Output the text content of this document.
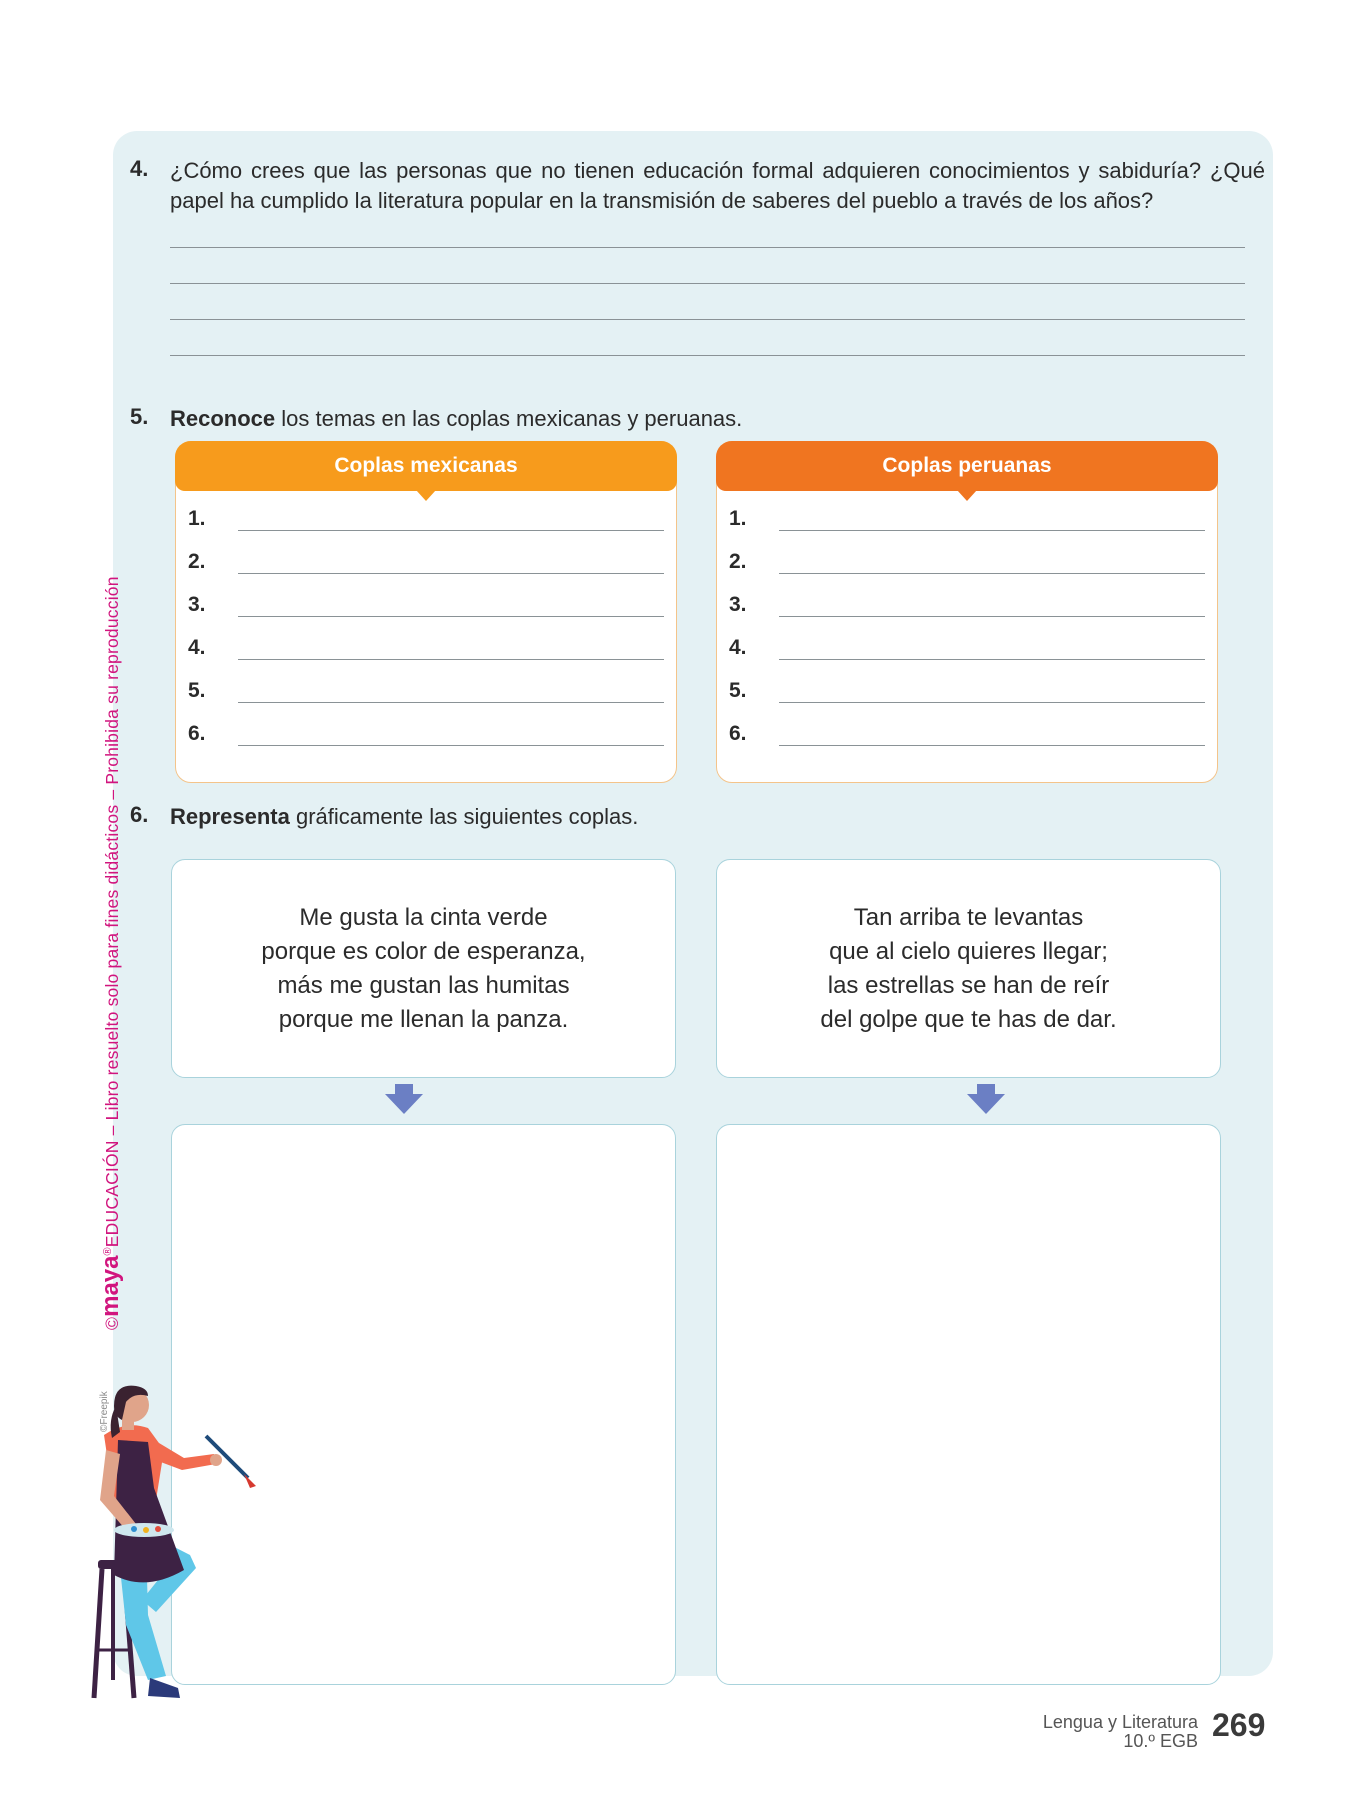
4. ¿Cómo crees que las personas que no tienen educación formal adquieren conocimientos y sabiduría? ¿Qué papel ha cumplido la literatura popular en la transmisión de saberes del pueblo a través de los años?
5. Reconoce los temas en las coplas mexicanas y peruanas.
Coplas mexicanas
1.
2.
3.
4.
5.
6.
Coplas peruanas
1.
2.
3.
4.
5.
6.
6. Representa gráficamente las siguientes coplas.
Me gusta la cinta verde
porque es color de esperanza,
más me gustan las humitas
porque me llenan la panza.
Tan arriba te levantas
que al cielo quieres llegar;
las estrellas se han de reír
del golpe que te has de dar.
©maya®EDUCACIÓN – Libro resuelto solo para fines didácticos – Prohibida su reproducción
©Freepik
Lengua y Literatura
10.º EGB 269
